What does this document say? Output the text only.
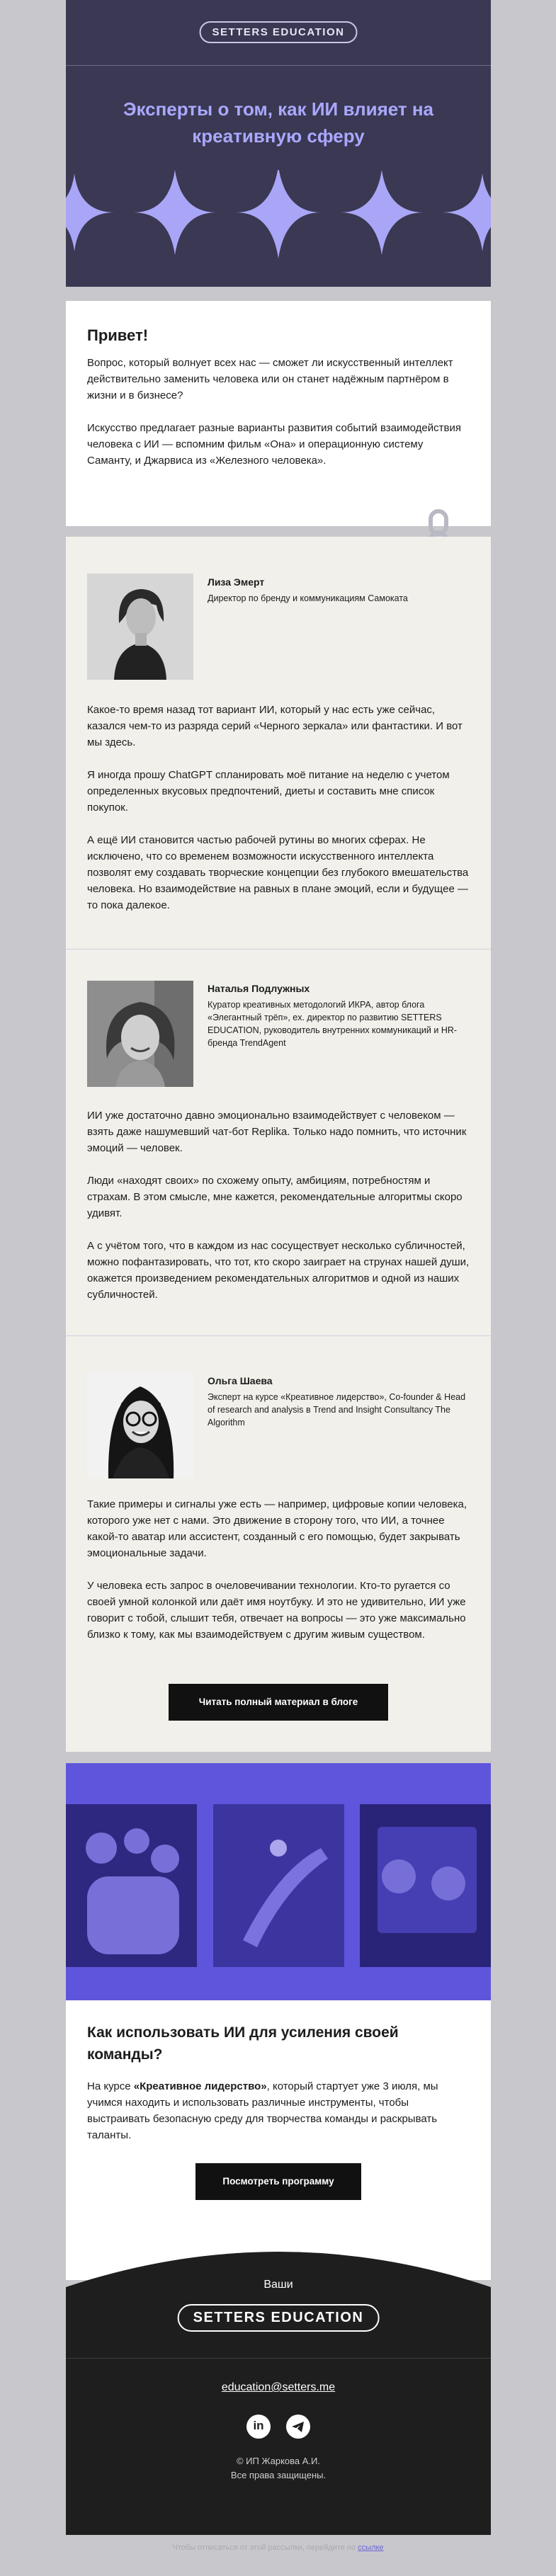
SETTERS EDUCATION
Эксперты о том, как ИИ влияет на креативную сферу
Привет!

Вопрос, который волнует всех нас — сможет ли искусственный интеллект действительно заменить человека или он станет надёжным партнёром в жизни и в бизнесе?

Искусство предлагает разные варианты развития событий взаимодействия человека с ИИ — вспомним фильм «Она» и операционную систему Саманту, и Джарвиса из «Железного человека».

Лиза Эмерт
Директор по бренду и коммуникациям Самоката

Какое-то время назад тот вариант ИИ, который у нас есть уже сейчас, казался чем-то из разряда серий «Черного зеркала» или фантастики. И вот мы здесь.

Я иногда прошу ChatGPT спланировать моё питание на неделю с учетом определенных вкусовых предпочтений, диеты и составить мне список покупок.

А ещё ИИ становится частью рабочей рутины во многих сферах. Не исключено, что со временем возможности искусственного интеллекта позволят ему создавать творческие концепции без глубокого вмешательства человека. Но взаимодействие на равных в плане эмоций, если и будущее — то пока далекое.

Наталья Подлужных
Куратор креативных методологий ИКРА, автор блога «Элегантный трёп», ex. директор по развитию SETTERS EDUCATION, руководитель внутренних коммуникаций и HR-бренда TrendAgent

ИИ уже достаточно давно эмоционально взаимодействует с человеком — взять даже нашумевший чат-бот Replika. Только надо помнить, что источник эмоций — человек.

Люди «находят своих» по схожему опыту, амбициям, потребностям и страхам. В этом смысле, мне кажется, рекомендательные алгоритмы скоро удивят.

А с учётом того, что в каждом из нас сосуществует несколько субличностей, можно пофантазировать, что тот, кто скоро заиграет на струнах нашей души, окажется произведением рекомендательных алгоритмов и одной из наших субличностей.

Ольга Шаева
Эксперт на курсе «Креативное лидерство», Co-founder & Head of research and analysis в Trend and Insight Consultancy The Algorithm

Такие примеры и сигналы уже есть — например, цифровые копии человека, которого уже нет с нами. Это движение в сторону того, что ИИ, а точнее какой-то аватар или ассистент, созданный с его помощью, будет закрывать эмоциональные задачи.

У человека есть запрос в очеловечивании технологии. Кто-то ругается со своей умной колонкой или даёт имя ноутбуку. И это не удивительно, ИИ уже говорит с тобой, слышит тебя, отвечает на вопросы — это уже максимально близко к тому, как мы взаимодействуем с другим живым существом.

Читать полный материал в блоге
Как использовать ИИ для усиления своей команды?

На курсе «Креативное лидерство», который стартует уже 3 июля, мы учимся находить и использовать различные инструменты, чтобы выстраивать безопасную среду для творчества команды и раскрывать таланты.

Посмотреть программу
Ваши
SETTERS EDUCATION
education@setters.me
in
© ИП Жаркова А.И.
Все права защищены.
Чтобы отписаться от этой рассылки, перейдите по ссылке
